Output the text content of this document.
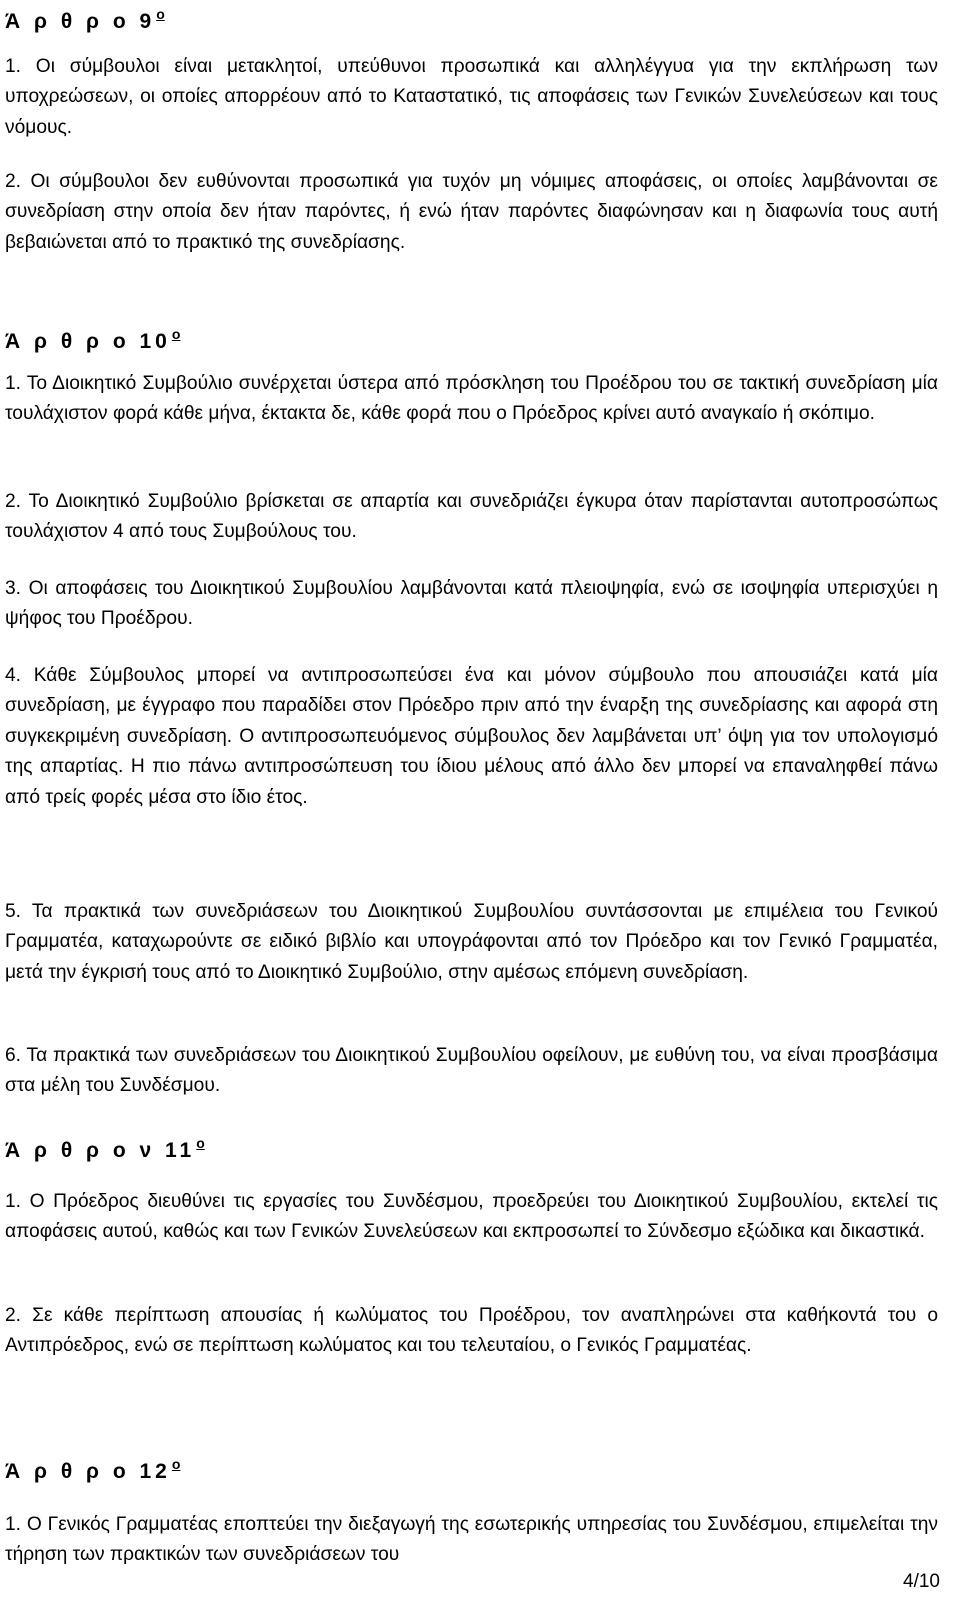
Ά ρ θ ρ ο $9^o$

1. Οι σύμβουλοι είναι μετακλητοί, υπεύθυνοι προσωπικά και αλληλέγγυα για την εκπλήρωση των υποχρεώσεων, οι οποίες απορρέουν από το Καταστατικό, τις αποφάσεις των Γενικών Συνελεύσεων και τους νόμους.

2. Οι σύμβουλοι δεν ευθύνονται προσωπικά για τυχόν μη νόμιμες αποφάσεις, οι οποίες λαμβάνονται σε συνεδρίαση στην οποία δεν ήταν παρόντες, ή ενώ ήταν παρόντες διαφώνησαν και η διαφωνία τους αυτή βεβαιώνεται από το πρακτικό της συνεδρίασης.

Ά ρ θ ρ ο $10^o$

1. Το Διοικητικό Συμβούλιο συνέρχεται ύστερα από πρόσκληση του Προέδρου του σε τακτική συνεδρίαση μία τουλάχιστον φορά κάθε μήνα, έκτακτα δε, κάθε φορά που ο Πρόεδρος κρίνει αυτό αναγκαίο ή σκόπιμο.

2. Το Διοικητικό Συμβούλιο βρίσκεται σε απαρτία και συνεδριάζει έγκυρα όταν παρίστανται αυτοπροσώπως τουλάχιστον 4 από τους Συμβούλους του.

3. Οι αποφάσεις του Διοικητικού Συμβουλίου λαμβάνονται κατά πλειοψηφία, ενώ σε ισοψηφία υπερισχύει η ψήφος του Προέδρου.

4. Κάθε Σύμβουλος μπορεί να αντιπροσωπεύσει ένα και μόνον σύμβουλο που απουσιάζει κατά μία συνεδρίαση, με έγγραφο που παραδίδει στον Πρόεδρο πριν από την έναρξη της συνεδρίασης και αφορά στη συγκεκριμένη συνεδρίαση. Ο αντιπροσωπευόμενος σύμβουλος δεν λαμβάνεται υπ’ όψη για τον υπολογισμό της απαρτίας. Η πιο πάνω αντιπροσώπευση του ίδιου μέλους από άλλο δεν μπορεί να επαναληφθεί πάνω από τρείς φορές μέσα στο ίδιο έτος.

5. Τα πρακτικά των συνεδριάσεων του Διοικητικού Συμβουλίου συντάσσονται με επιμέλεια του Γενικού Γραμματέα, καταχωρούντε σε ειδικό βιβλίο και υπογράφονται από τον Πρόεδρο και τον Γενικό Γραμματέα, μετά την έγκρισή τους από το Διοικητικό Συμβούλιο, στην αμέσως επόμενη συνεδρίαση.

6. Τα πρακτικά των συνεδριάσεων του Διοικητικού Συμβουλίου οφείλουν, με ευθύνη του, να είναι προσβάσιμα στα μέλη του Συνδέσμου.

Ά ρ θ ρ ο ν $11^o$

1. Ο Πρόεδρος διευθύνει τις εργασίες του Συνδέσμου, προεδρεύει του Διοικητικού Συμβουλίου, εκτελεί τις αποφάσεις αυτού, καθώς και των Γενικών Συνελεύσεων και εκπροσωπεί το Σύνδεσμο εξώδικα και δικαστικά.

2. Σε κάθε περίπτωση απουσίας ή κωλύματος του Προέδρου, τον αναπληρώνει στα καθήκοντά του ο Αντιπρόεδρος, ενώ σε περίπτωση κωλύματος και του τελευταίου, ο Γενικός Γραμματέας.

Ά ρ θ ρ ο $12^o$

1. Ο Γενικός Γραμματέας εποπτεύει την διεξαγωγή της εσωτερικής υπηρεσίας του Συνδέσμου, επιμελείται την τήρηση των πρακτικών των συνεδριάσεων του

4/10
